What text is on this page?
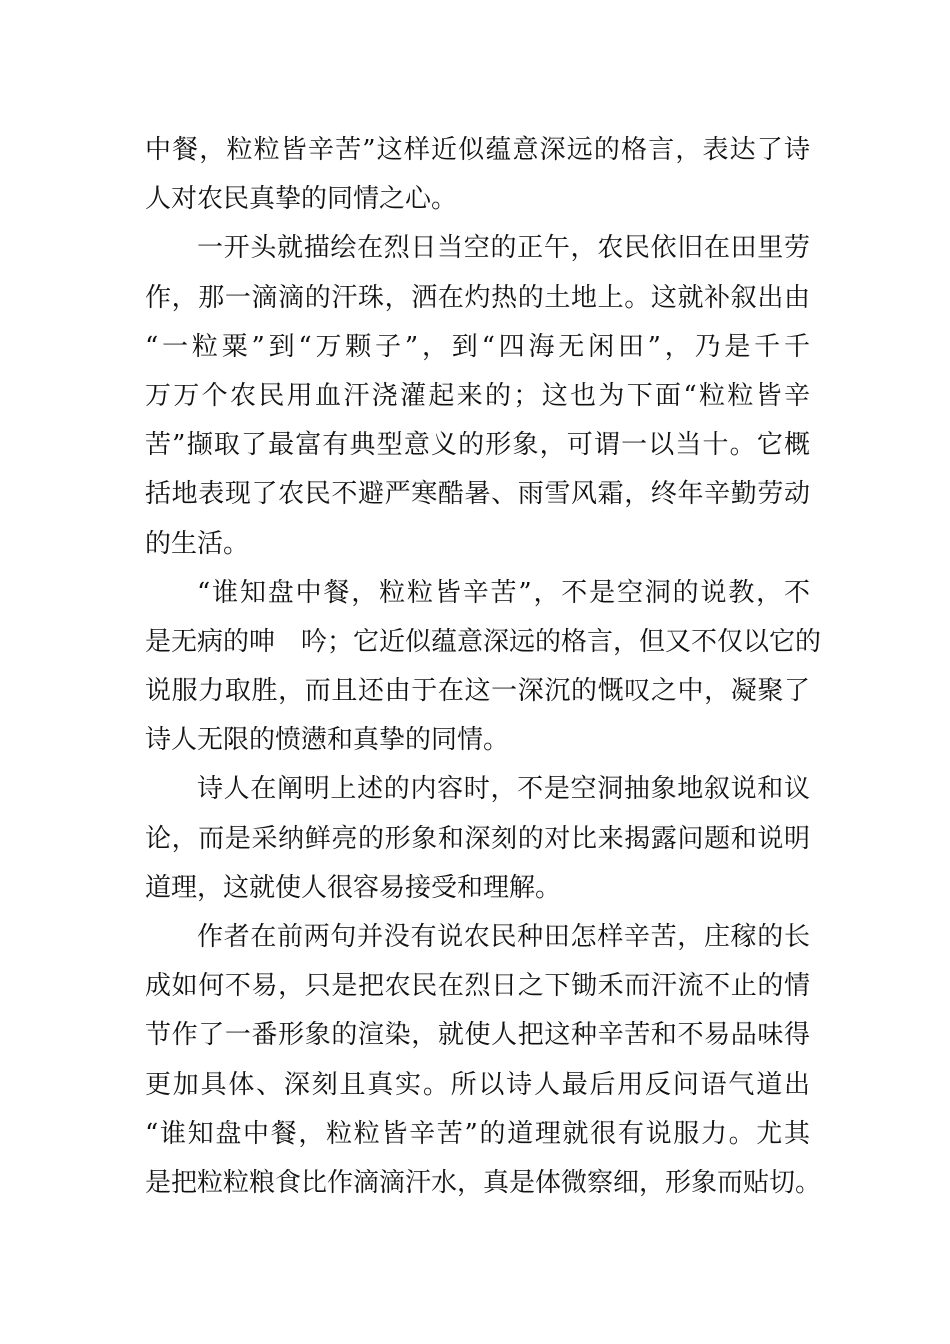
中餐，粒粒皆辛苦”这样近似蕴意深远的格言，表达了诗
人对农民真挚的同情之心。
一开头就描绘在烈日当空的正午，农民依旧在田里劳
作，那一滴滴的汗珠，洒在灼热的土地上。这就补叙出由
“一粒粟”到“万颗子”，到“四海无闲田”，乃是千千
万万个农民用血汗浇灌起来的；这也为下面“粒粒皆辛
苦”撷取了最富有典型意义的形象，可谓一以当十。它概
括地表现了农民不避严寒酷暑、雨雪风霜，终年辛勤劳动
的生活。
“谁知盘中餐，粒粒皆辛苦”，不是空洞的说教，不
是无病的呻　吟；它近似蕴意深远的格言，但又不仅以它的
说服力取胜，而且还由于在这一深沉的慨叹之中，凝聚了
诗人无限的愤懑和真挚的同情。
诗人在阐明上述的内容时，不是空洞抽象地叙说和议
论，而是采纳鲜亮的形象和深刻的对比来揭露问题和说明
道理，这就使人很容易接受和理解。
作者在前两句并没有说农民种田怎样辛苦，庄稼的长
成如何不易，只是把农民在烈日之下锄禾而汗流不止的情
节作了一番形象的渲染，就使人把这种辛苦和不易品味得
更加具体、深刻且真实。所以诗人最后用反问语气道出
“谁知盘中餐，粒粒皆辛苦”的道理就很有说服力。尤其
是把粒粒粮食比作滴滴汗水，真是体微察细，形象而贴切。
